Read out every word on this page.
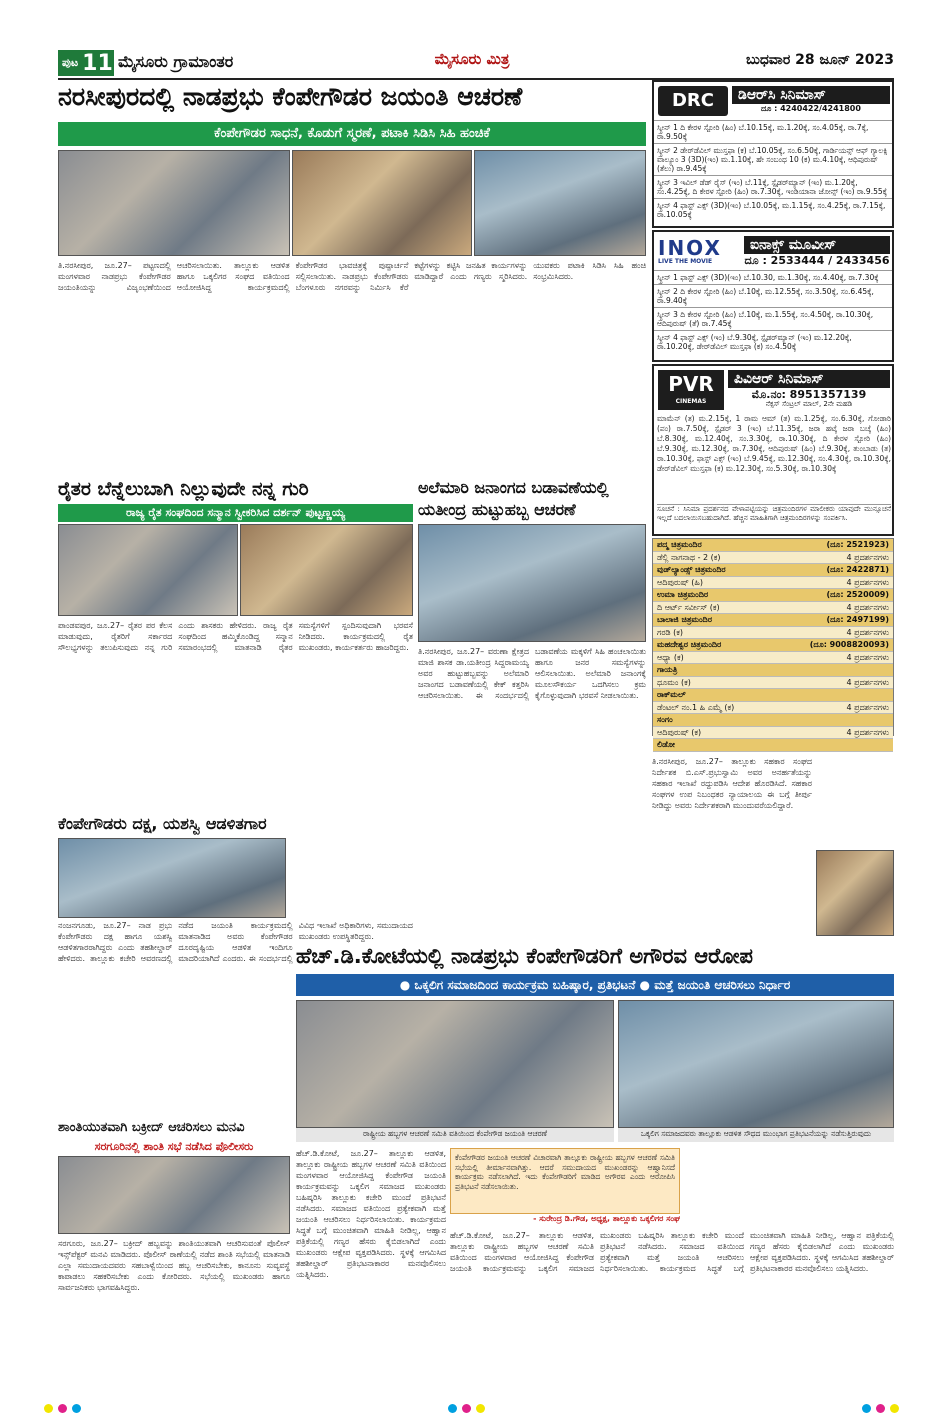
ಪುಟ 11 ಮೈಸೂರು ಗ್ರಾಮಾಂತರ	ಮೈಸೂರು ಮಿತ್ರ	ಬುಧವಾರ 28 ಜೂನ್ 2023
ನರಸೀಪುರದಲ್ಲಿ ನಾಡಪ್ರಭು ಕೆಂಪೇಗೌಡರ ಜಯಂತಿ ಆಚರಣೆ
ಕೆಂಪೇಗೌಡರ ಸಾಧನೆ, ಕೊಡುಗೆ ಸ್ಮರಣೆ, ಪಟಾಕಿ ಸಿಡಿಸಿ ಸಿಹಿ ಹಂಚಿಕೆ
ತಿ.ನರಸೀಪುರ, ಜೂ.27– ಪಟ್ಟಣದಲ್ಲಿ ಮಂಗಳವಾರ ನಾಡಪ್ರಭು ಕೆಂಪೇಗೌಡರ ಜಯಂತಿಯನ್ನು ವಿಜೃಂಭಣೆಯಿಂದ ಆಚರಿಸಲಾಯಿತು. ತಾಲ್ಲೂಕು ಆಡಳಿತ ಹಾಗೂ ಒಕ್ಕಲಿಗರ ಸಂಘದ ವತಿಯಿಂದ ಆಯೋಜಿಸಿದ್ದ ಕಾರ್ಯಕ್ರಮದಲ್ಲಿ ಕೆಂಪೇಗೌಡರ ಭಾವಚಿತ್ರಕ್ಕೆ ಪುಷ್ಪಾರ್ಚನೆ ಸಲ್ಲಿಸಲಾಯಿತು. ನಾಡಪ್ರಭು ಕೆಂಪೇಗೌಡರು ಬೆಂಗಳೂರು ನಗರವನ್ನು ನಿರ್ಮಿಸಿ ಕೆರೆ ಕಟ್ಟೆಗಳನ್ನು ಕಟ್ಟಿಸಿ ಜನಹಿತ ಕಾರ್ಯಗಳನ್ನು ಮಾಡಿದ್ದಾರೆ ಎಂದು ಗಣ್ಯರು ಸ್ಮರಿಸಿದರು. ಯುವಕರು ಪಟಾಕಿ ಸಿಡಿಸಿ ಸಿಹಿ ಹಂಚಿ ಸಂಭ್ರಮಿಸಿದರು.
ರೈತರ ಬೆನ್ನೆಲುಬಾಗಿ ನಿಲ್ಲುವುದೇ ನನ್ನ ಗುರಿ
ರಾಜ್ಯ ರೈತ ಸಂಘದಿಂದ ಸನ್ಮಾನ ಸ್ವೀಕರಿಸಿದ ದರ್ಶನ್ ಪುಟ್ಟಣ್ಣಯ್ಯ
ಪಾಂಡವಪುರ, ಜೂ.27– ರೈತರ ಪರ ಕೆಲಸ ಮಾಡುವುದು, ರೈತರಿಗೆ ಸರ್ಕಾರದ ಸೌಲಭ್ಯಗಳನ್ನು ತಲುಪಿಸುವುದು ನನ್ನ ಗುರಿ ಎಂದು ಶಾಸಕರು ಹೇಳಿದರು. ರಾಜ್ಯ ರೈತ ಸಂಘದಿಂದ ಹಮ್ಮಿಕೊಂಡಿದ್ದ ಸನ್ಮಾನ ಸಮಾರಂಭದಲ್ಲಿ ಮಾತನಾಡಿ ರೈತರ ಸಮಸ್ಯೆಗಳಿಗೆ ಸ್ಪಂದಿಸುವುದಾಗಿ ಭರವಸೆ ನೀಡಿದರು. ಕಾರ್ಯಕ್ರಮದಲ್ಲಿ ರೈತ ಮುಖಂಡರು, ಕಾರ್ಯಕರ್ತರು ಹಾಜರಿದ್ದರು.
ಕೆಂಪೇಗೌಡರು ದಕ್ಷ, ಯಶಸ್ವಿ ಆಡಳಿತಗಾರ
ನಂಜನಗೂಡು, ಜೂ.27– ನಾಡ ಪ್ರಭು ಕೆಂಪೇಗೌಡರು ದಕ್ಷ ಹಾಗೂ ಯಶಸ್ವಿ ಆಡಳಿತಗಾರರಾಗಿದ್ದರು ಎಂದು ತಹಶೀಲ್ದಾರ್ ಹೇಳಿದರು. ತಾಲ್ಲೂಕು ಕಚೇರಿ ಆವರಣದಲ್ಲಿ ನಡೆದ ಜಯಂತಿ ಕಾರ್ಯಕ್ರಮದಲ್ಲಿ ಮಾತನಾಡಿದ ಅವರು ಕೆಂಪೇಗೌಡರ ದೂರದೃಷ್ಟಿಯ ಆಡಳಿತ ಇಂದಿಗೂ ಮಾದರಿಯಾಗಿದೆ ಎಂದರು. ಈ ಸಂದರ್ಭದಲ್ಲಿ ವಿವಿಧ ಇಲಾಖೆ ಅಧಿಕಾರಿಗಳು, ಸಮುದಾಯದ ಮುಖಂಡರು ಉಪಸ್ಥಿತರಿದ್ದರು.
ಶಾಂತಿಯುತವಾಗಿ ಬಕ್ರೀದ್ ಆಚರಿಸಲು ಮನವಿ
ಸರಗೂರಿನಲ್ಲಿ ಶಾಂತಿ ಸಭೆ ನಡೆಸಿದ ಪೊಲೀಸರು
ಸರಗೂರು, ಜೂ.27– ಬಕ್ರೀದ್ ಹಬ್ಬವನ್ನು ಶಾಂತಿಯುತವಾಗಿ ಆಚರಿಸುವಂತೆ ಪೊಲೀಸ್ ಇನ್ಸ್‌ಪೆಕ್ಟರ್ ಮನವಿ ಮಾಡಿದರು. ಪೊಲೀಸ್ ಠಾಣೆಯಲ್ಲಿ ನಡೆದ ಶಾಂತಿ ಸಭೆಯಲ್ಲಿ ಮಾತನಾಡಿ ಎಲ್ಲಾ ಸಮುದಾಯದವರು ಸಹಬಾಳ್ವೆಯಿಂದ ಹಬ್ಬ ಆಚರಿಸಬೇಕು, ಕಾನೂನು ಸುವ್ಯವಸ್ಥೆ ಕಾಪಾಡಲು ಸಹಕರಿಸಬೇಕು ಎಂದು ಕೋರಿದರು. ಸಭೆಯಲ್ಲಿ ಮುಖಂಡರು ಹಾಗೂ ಸಾರ್ವಜನಿಕರು ಭಾಗವಹಿಸಿದ್ದರು.
ಅಲೆಮಾರಿ ಜನಾಂಗದ ಬಡಾವಣೆಯಲ್ಲಿ
ಯತೀಂದ್ರ ಹುಟ್ಟುಹಬ್ಬ ಆಚರಣೆ
ತಿ.ನರಸೀಪುರ, ಜೂ.27– ವರುಣಾ ಕ್ಷೇತ್ರದ ಮಾಜಿ ಶಾಸಕ ಡಾ.ಯತೀಂದ್ರ ಸಿದ್ದರಾಮಯ್ಯ ಅವರ ಹುಟ್ಟುಹಬ್ಬವನ್ನು ಅಲೆಮಾರಿ ಜನಾಂಗದ ಬಡಾವಣೆಯಲ್ಲಿ ಕೇಕ್ ಕತ್ತರಿಸಿ ಆಚರಿಸಲಾಯಿತು. ಈ ಸಂದರ್ಭದಲ್ಲಿ ಬಡಾವಣೆಯ ಮಕ್ಕಳಿಗೆ ಸಿಹಿ ಹಂಚಲಾಯಿತು ಹಾಗೂ ಜನರ ಸಮಸ್ಯೆಗಳನ್ನು ಆಲಿಸಲಾಯಿತು. ಅಲೆಮಾರಿ ಜನಾಂಗಕ್ಕೆ ಮೂಲಸೌಕರ್ಯ ಒದಗಿಸಲು ಕ್ರಮ ಕೈಗೊಳ್ಳುವುದಾಗಿ ಭರವಸೆ ನೀಡಲಾಯಿತು.
ತಿ.ನರಸೀಪುರ, ಜೂ.27– ತಾಲ್ಲೂಕು ಸಹಕಾರ ಸಂಘದ ನಿರ್ದೇಶಕ ಬಿ.ಎಸ್.ಪ್ರಭುಸ್ವಾಮಿ ಅವರ ಅನರ್ಹತೆಯನ್ನು ಸಹಕಾರ ಇಲಾಖೆ ರದ್ದುಪಡಿಸಿ ಆದೇಶ ಹೊರಡಿಸಿದೆ. ಸಹಕಾರ ಸಂಘಗಳ ಉಪ ನಿಬಂಧಕರ ನ್ಯಾಯಾಲಯ ಈ ಬಗ್ಗೆ ತೀರ್ಪು ನೀಡಿದ್ದು ಅವರು ನಿರ್ದೇಶಕರಾಗಿ ಮುಂದುವರೆಯಲಿದ್ದಾರೆ.
DRC	ಡಿಆರ್‌ಸಿ ಸಿನಿಮಾಸ್
ದೂ : 4240422/4241800
ಸ್ಕ್ರೀನ್ 1 ದಿ ಕೇರಳ ಸ್ಟೋರಿ (ಹಿಂ) ಬೆ.10.15ಕ್ಕೆ, ಮ.1.20ಕ್ಕೆ, ಸಂ.4.05ಕ್ಕೆ, ರಾ.7ಕ್ಕೆ, ರಾ.9.50ಕ್ಕೆ
ಸ್ಕ್ರೀನ್ 2 ಡೇರ್‌ಡೆವಿಲ್ ಮುಸ್ತಫಾ (ಕ) ಬೆ.10.05ಕ್ಕೆ, ಸಂ.6.50ಕ್ಕೆ, ಗಾರ್ಡಿಯನ್ಸ್ ಆಫ್ ಗ್ಯಾಲಕ್ಸಿ ವಾಲ್ಯೂಂ 3 (3D)(ಇಂ) ಮ.1.10ಕ್ಕೆ, ಹೇ ಸಂಬಂಧ 10 (ಕ) ಮ.4.10ಕ್ಕೆ, ಆಧಿಪುರುಷ್ (ತೆಲು) ರಾ.9.45ಕ್ಕೆ
ಸ್ಕ್ರೀನ್ 3 ಇವಿಲ್ ಡೆಡ್ ರೈಸ್ (ಇಂ) ಬೆ.11ಕ್ಕೆ, ಸ್ಪೈಡರ್‌ಮ್ಯಾನ್ (ಇಂ) ಮ.1.20ಕ್ಕೆ, ಸಂ.4.25ಕ್ಕೆ, ದಿ ಕೇರಳ ಸ್ಟೋರಿ (ಹಿಂ) ರಾ.7.30ಕ್ಕೆ, ಇಂಡಿಯಾನಾ ಜೋನ್ಸ್ (ಇಂ) ರಾ.9.55ಕ್ಕೆ
ಸ್ಕ್ರೀನ್ 4 ಫಾಸ್ಟ್ ಎಕ್ಸ್ (3D)(ಇಂ) ಬೆ.10.05ಕ್ಕೆ, ಮ.1.15ಕ್ಕೆ, ಸಂ.4.25ಕ್ಕೆ, ರಾ.7.15ಕ್ಕೆ, ರಾ.10.05ಕ್ಕೆ
INOX
LIVE THE MOVIE
ಐನಾಕ್ಸ್ ಮೂವೀಸ್
ದೂ : 2533444 / 2433456
ಸ್ಕ್ರೀನ್ 1 ಫಾಸ್ಟ್ ಎಕ್ಸ್ (3D)(ಇಂ) ಬೆ.10.30, ಮ.1.30ಕ್ಕೆ, ಸಂ.4.40ಕ್ಕೆ, ರಾ.7.30ಕ್ಕೆ
ಸ್ಕ್ರೀನ್ 2 ದಿ ಕೇರಳ ಸ್ಟೋರಿ (ಹಿಂ) ಬೆ.10ಕ್ಕೆ, ಮ.12.55ಕ್ಕೆ, ಸಂ.3.50ಕ್ಕೆ, ಸಂ.6.45ಕ್ಕೆ, ರಾ.9.40ಕ್ಕೆ
ಸ್ಕ್ರೀನ್ 3 ದಿ ಕೇರಳ ಸ್ಟೋರಿ (ಹಿಂ) ಬೆ.10ಕ್ಕೆ, ಮ.1.55ಕ್ಕೆ, ಸಂ.4.50ಕ್ಕೆ, ರಾ.10.30ಕ್ಕೆ, ಆದಿಪುರುಷ್ (ತೆ) ರಾ.7.45ಕ್ಕೆ
ಸ್ಕ್ರೀನ್ 4 ಫಾಸ್ಟ್ ಎಕ್ಸ್ (ಇಂ) ಬೆ.9.30ಕ್ಕೆ, ಸ್ಪೈಡರ್‌ಮ್ಯಾನ್ (ಇಂ) ಮ.12.20ಕ್ಕೆ, ರಾ.10.20ಕ್ಕೆ, ಡೇರ್‌ಡೆವಿಲ್ ಮುಸ್ತಫಾ (ಕ) ಸಂ.4.50ಕ್ಕೆ
PVR
CINEMAS
ಪಿವಿಆರ್ ಸಿನಿಮಾಸ್
ಮೊ.ನಂ: 8951357139
ನೆಕ್ಸಸ್ ಸೆಂಟ್ರಲ್ ಮಾಲ್, 2ನೇ ಮಹಡಿ
ಮಾಮೆನ್ (ತ) ಮ.2.15ಕ್ಕೆ, 1 ರಾಮ ಆಮ್ (ತ) ಮ.1.25ಕ್ಕೆ, ಸಂ.6.30ಕ್ಕೆ, ಗೋಡಾರಿ (ಪಂ) ರಾ.7.50ಕ್ಕೆ, ಸ್ಪೈಡರ್ 3 (ಇಂ) ಬೆ.11.35ಕ್ಕೆ, ಜರಾ ಹಟ್ಕೆ ಜರಾ ಬಚ್ಕೆ (ಹಿಂ) ಬೆ.8.30ಕ್ಕೆ, ಮ.12.40ಕ್ಕೆ, ಸಂ.3.30ಕ್ಕೆ, ರಾ.10.30ಕ್ಕೆ, ದಿ ಕೇರಳ ಸ್ಟೋರಿ (ಹಿಂ) ಬೆ.9.30ಕ್ಕೆ, ಮ.12.30ಕ್ಕೆ, ರಾ.7.30ಕ್ಕೆ, ಆದಿಪುರುಷ್ (ಹಿಂ) ಬೆ.9.30ಕ್ಕೆ, ತುಂಬಾಡು (ತ) ರಾ.10.30ಕ್ಕೆ, ಫಾಸ್ಟ್ ಎಕ್ಸ್ (ಇಂ) ಬೆ.9.45ಕ್ಕೆ, ಮ.12.30ಕ್ಕೆ, ಸಂ.4.30ಕ್ಕೆ, ರಾ.10.30ಕ್ಕೆ, ಡೇರ್‌ಡೆವಿಲ್ ಮುಸ್ತಫಾ (ಕ) ಮ.12.30ಕ್ಕೆ, ಸಂ.5.30ಕ್ಕೆ, ರಾ.10.30ಕ್ಕೆ
ಸೂಚನೆ : ಸಿನಿಮಾ ಪ್ರದರ್ಶನದ ವೇಳಾಪಟ್ಟಿಯನ್ನು ಚಿತ್ರಮಂದಿರಗಳ ಮಾಲೀಕರು ಯಾವುದೇ ಮುನ್ಸೂಚನೆ ಇಲ್ಲದೆ ಬದಲಾಯಿಸಬಹುದಾಗಿದೆ. ಹೆಚ್ಚಿನ ಮಾಹಿತಿಗಾಗಿ ಚಿತ್ರಮಂದಿರಗಳನ್ನು ಸಂಪರ್ಕಿಸಿ.
ಪದ್ಮ ಚಿತ್ರಮಂದಿರ	(ದೂ: 2521923)
ಡೆಲ್ಲಿ ನಾಗನಾಥ - 2 (ಕ)	4 ಪ್ರದರ್ಶನಗಳು
ವುಡ್‌ಲ್ಯಾಂಡ್ಸ್ ಚಿತ್ರಮಂದಿರ	(ದೂ: 2422871)
ಆದಿಪುರುಷ್ (ಹಿ)	4 ಪ್ರದರ್ಶನಗಳು
ಉಮಾ ಚಿತ್ರಮಂದಿರ	(ದೂ: 2520009)
ದಿ ಆರ್ಟ್ ಸರ್ವೀಸ್ (ಕ)	4 ಪ್ರದರ್ಶನಗಳು
ಬಾಲಾಜಿ ಚಿತ್ರಮಂದಿರ	(ದೂ: 2497199)
ಗರಡಿ (ಕ)	4 ಪ್ರದರ್ಶನಗಳು
ಮಹದೇಶ್ವರ ಚಿತ್ರಮಂದಿರ	(ದೂ: 9008820093)
ಆಧ್ಯಾ (ಕ)	4 ಪ್ರದರ್ಶನಗಳು
ಗಾಯತ್ರಿ
ಧೂಮಂ (ಕ)	4 ಪ್ರದರ್ಶನಗಳು
ರಾಕ್‌ಮಲ್
ಡೆಂಟಲ್ ನಂ.1 ಹಿ ಎಮ್ಮೆ (ಕ)	4 ಪ್ರದರ್ಶನಗಳು
ಸಂಗಂ
ಆದಿಪುರುಷ್ (ಕ)	4 ಪ್ರದರ್ಶನಗಳು
ಲಿಡೋ
ಹೆಚ್.ಡಿ.ಕೋಟೆಯಲ್ಲಿ ನಾಡಪ್ರಭು ಕೆಂಪೇಗೌಡರಿಗೆ ಅಗೌರವ ಆರೋಪ
● ಒಕ್ಕಲಿಗ ಸಮಾಜದಿಂದ ಕಾರ್ಯಕ್ರಮ ಬಹಿಷ್ಕಾರ, ಪ್ರತಿಭಟನೆ ● ಮತ್ತೆ ಜಯಂತಿ ಆಚರಿಸಲು ನಿರ್ಧಾರ
ರಾಷ್ಟ್ರೀಯ ಹಬ್ಬಗಳ ಆಚರಣೆ ಸಮಿತಿ ವತಿಯಿಂದ ಕೆಂಪೇಗೌಡ ಜಯಂತಿ ಆಚರಣೆ	ಒಕ್ಕಲಿಗ ಸಮಾಜದವರು ತಾಲ್ಲೂಕು ಆಡಳಿತ ಸೌಧದ ಮುಂಭಾಗ ಪ್ರತಿಭಟನೆಯನ್ನು ನಡೆಸುತ್ತಿರುವುದು
ಹೆಚ್.ಡಿ.ಕೋಟೆ, ಜೂ.27– ತಾಲ್ಲೂಕು ಆಡಳಿತ, ತಾಲ್ಲೂಕು ರಾಷ್ಟ್ರೀಯ ಹಬ್ಬಗಳ ಆಚರಣೆ ಸಮಿತಿ ವತಿಯಿಂದ ಮಂಗಳವಾರ ಆಯೋಜಿಸಿದ್ದ ಕೆಂಪೇಗೌಡ ಜಯಂತಿ ಕಾರ್ಯಕ್ರಮವನ್ನು ಒಕ್ಕಲಿಗ ಸಮಾಜದ ಮುಖಂಡರು ಬಹಿಷ್ಕರಿಸಿ ತಾಲ್ಲೂಕು ಕಚೇರಿ ಮುಂದೆ ಪ್ರತಿಭಟನೆ ನಡೆಸಿದರು. ಸಮಾಜದ ವತಿಯಿಂದ ಪ್ರತ್ಯೇಕವಾಗಿ ಮತ್ತೆ ಜಯಂತಿ ಆಚರಿಸಲು ನಿರ್ಧರಿಸಲಾಯಿತು. ಕಾರ್ಯಕ್ರಮದ ಸಿದ್ಧತೆ ಬಗ್ಗೆ ಮುಂಚಿತವಾಗಿ ಮಾಹಿತಿ ನೀಡಿಲ್ಲ, ಆಹ್ವಾನ ಪತ್ರಿಕೆಯಲ್ಲಿ ಗಣ್ಯರ ಹೆಸರು ಕೈಬಿಡಲಾಗಿದೆ ಎಂದು ಮುಖಂಡರು ಆಕ್ಷೇಪ ವ್ಯಕ್ತಪಡಿಸಿದರು. ಸ್ಥಳಕ್ಕೆ ಆಗಮಿಸಿದ ತಹಶೀಲ್ದಾರ್ ಪ್ರತಿಭಟನಾಕಾರರ ಮನವೊಲಿಸಲು ಯತ್ನಿಸಿದರು.
ಕೆಂಪೇಗೌಡರ ಜಯಂತಿ ಆಚರಣೆ ವಿಚಾರವಾಗಿ ತಾಲ್ಲೂಕು ರಾಷ್ಟ್ರೀಯ ಹಬ್ಬಗಳ ಆಚರಣೆ ಸಮಿತಿ ಸಭೆಯಲ್ಲಿ ತೀರ್ಮಾನವಾಗಿತ್ತು. ಆದರೆ ಸಮುದಾಯದ ಮುಖಂಡರನ್ನು ಆಹ್ವಾನಿಸದೆ ಕಾರ್ಯಕ್ರಮ ನಡೆಸಲಾಗಿದೆ. ಇದು ಕೆಂಪೇಗೌಡರಿಗೆ ಮಾಡಿದ ಅಗೌರವ ಎಂದು ಆರೋಪಿಸಿ ಪ್ರತಿಭಟನೆ ನಡೆಸಲಾಯಿತು.
- ಸುರೇಂದ್ರ ಡಿ.ಗೌಡ, ಅಧ್ಯಕ್ಷ, ತಾಲ್ಲೂಕು ಒಕ್ಕಲಿಗರ ಸಂಘ
ಹೆಚ್.ಡಿ.ಕೋಟೆ, ಜೂ.27– ತಾಲ್ಲೂಕು ಆಡಳಿತ, ತಾಲ್ಲೂಕು ರಾಷ್ಟ್ರೀಯ ಹಬ್ಬಗಳ ಆಚರಣೆ ಸಮಿತಿ ವತಿಯಿಂದ ಮಂಗಳವಾರ ಆಯೋಜಿಸಿದ್ದ ಕೆಂಪೇಗೌಡ ಜಯಂತಿ ಕಾರ್ಯಕ್ರಮವನ್ನು ಒಕ್ಕಲಿಗ ಸಮಾಜದ ಮುಖಂಡರು ಬಹಿಷ್ಕರಿಸಿ ತಾಲ್ಲೂಕು ಕಚೇರಿ ಮುಂದೆ ಪ್ರತಿಭಟನೆ ನಡೆಸಿದರು. ಸಮಾಜದ ವತಿಯಿಂದ ಪ್ರತ್ಯೇಕವಾಗಿ ಮತ್ತೆ ಜಯಂತಿ ಆಚರಿಸಲು ನಿರ್ಧರಿಸಲಾಯಿತು. ಕಾರ್ಯಕ್ರಮದ ಸಿದ್ಧತೆ ಬಗ್ಗೆ ಮುಂಚಿತವಾಗಿ ಮಾಹಿತಿ ನೀಡಿಲ್ಲ, ಆಹ್ವಾನ ಪತ್ರಿಕೆಯಲ್ಲಿ ಗಣ್ಯರ ಹೆಸರು ಕೈಬಿಡಲಾಗಿದೆ ಎಂದು ಮುಖಂಡರು ಆಕ್ಷೇಪ ವ್ಯಕ್ತಪಡಿಸಿದರು. ಸ್ಥಳಕ್ಕೆ ಆಗಮಿಸಿದ ತಹಶೀಲ್ದಾರ್ ಪ್ರತಿಭಟನಾಕಾರರ ಮನವೊಲಿಸಲು ಯತ್ನಿಸಿದರು.
